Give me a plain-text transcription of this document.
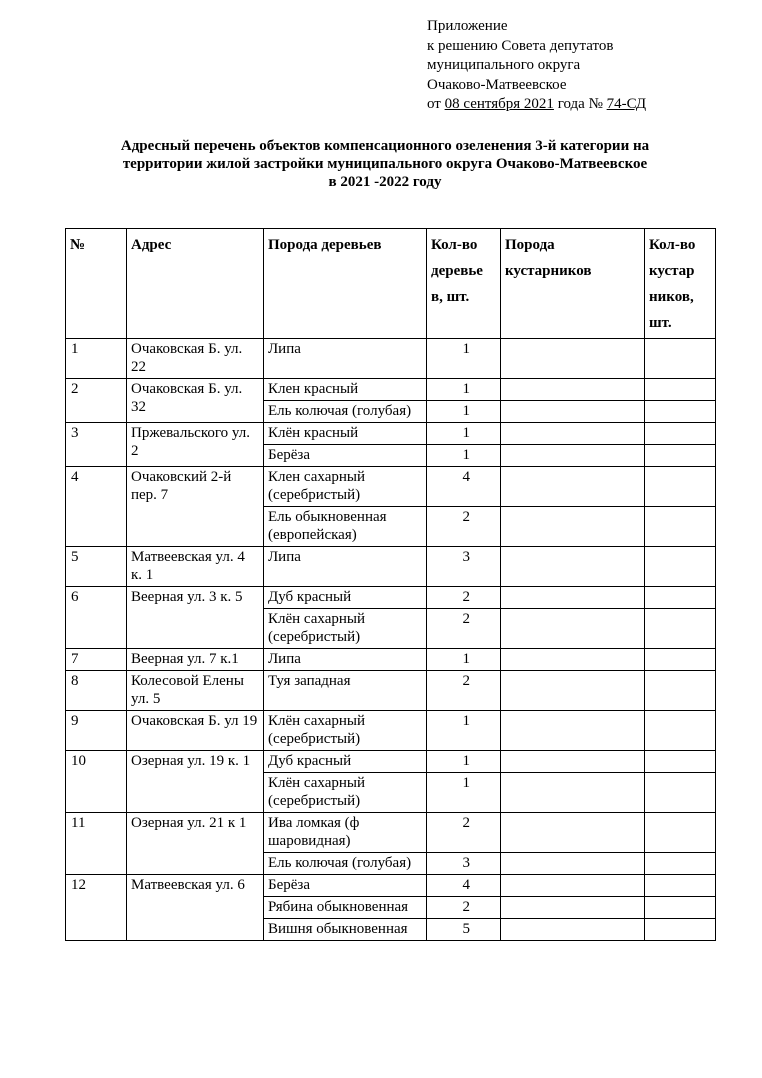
Приложение
к решению Совета депутатов
муниципального округа
Очаково-Матвеевское
от 08 сентября 2021 года № 74-СД
Адресный перечень объектов компенсационного озеленения 3-й категории на
территории жилой застройки муниципального округа Очаково-Матвеевское
в 2021 -2022 году
№	Адрес	Порода деревьев	Кол-во деревье в, шт.	Порода кустарников	Кол-во кустар ников, шт.
1	Очаковская Б. ул. 22	Липа	1		
2	Очаковская Б. ул. 32	Клен красный	1		
		Ель колючая (голубая)	1		
3	Пржевальского ул. 2	Клён красный	1		
		Берёза	1		
4	Очаковский 2-й пер. 7	Клен сахарный (серебристый)	4		
		Ель обыкновенная (европейская)	2		
5	Матвеевская ул. 4 к. 1	Липа	3		
6	Веерная ул. 3 к. 5	Дуб красный	2		
		Клён сахарный (серебристый)	2		
7	Веерная ул. 7 к.1	Липа	1		
8	Колесовой Елены ул. 5	Туя западная	2		
9	Очаковская Б. ул 19	Клён сахарный (серебристый)	1		
10	Озерная ул. 19 к. 1	Дуб красный	1		
		Клён сахарный (серебристый)	1		
11	Озерная ул. 21 к 1	Ива ломкая (ф шаровидная)	2		
		Ель колючая (голубая)	3		
12	Матвеевская ул. 6	Берёза	4		
		Рябина обыкновенная	2		
		Вишня обыкновенная	5		
